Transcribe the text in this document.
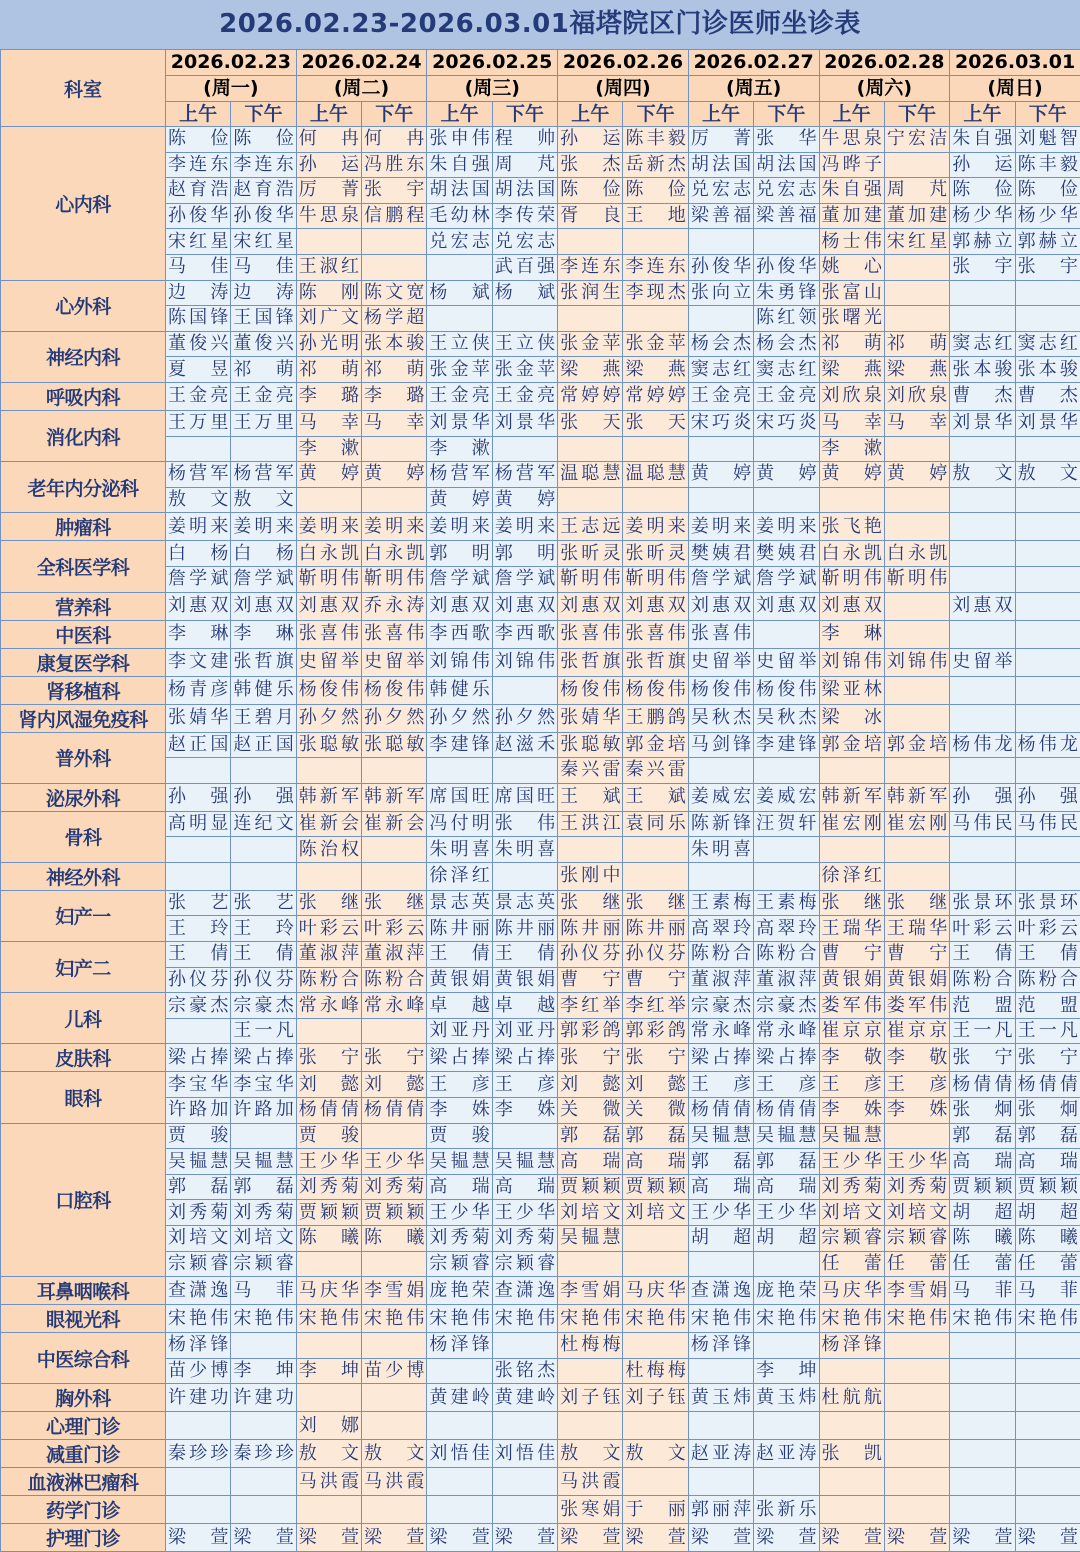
2026.02.23-2026.03.01福塔院区门诊医师坐诊表
科室	2026.02.23		2026.02.24		2026.02.25		2026.02.26		2026.02.27		2026.02.28		2026.03.01	
	(周一)		(周二)		(周三)		(周四)		(周五)		(周六)		(周日)	
	上午	下午	上午	下午	上午	下午	上午	下午	上午	下午	上午	下午	上午	下午
心内科	陈俭	陈俭	何冉	何冉	张申伟	程帅	孙运	陈丰毅	厉菁	张华	牛思泉	宁宏洁	朱自强	刘魁智
	李连东	李连东	孙运	冯胜东	朱自强	周芃	张杰	岳新杰	胡法国	胡法国	冯晔子		孙运	陈丰毅
	赵育浩	赵育浩	厉菁	张宇	胡法国	胡法国	陈俭	陈俭	兑宏志	兑宏志	朱自强	周芃	陈俭	陈俭
	孙俊华	孙俊华	牛思泉	信鹏程	毛幼林	李传荣	胥良	王地	梁善福	梁善福	董加建	董加建	杨少华	杨少华
	宋红星	宋红星			兑宏志	兑宏志					杨士伟	宋红星	郭赫立	郭赫立
	马佳	马佳	王淑红			武百强	李连东	李连东	孙俊华	孙俊华	姚心		张宇	张宇
心外科	边涛	边涛	陈刚	陈文宽	杨斌	杨斌	张润生	李现杰	张向立	朱勇锋	张富山			
	陈国锋	王国锋	刘广文	杨学超						陈红领	张曙光			
神经内科	董俊兴	董俊兴	孙光明	张本骏	王立侠	王立侠	张金苹	张金苹	杨会杰	杨会杰	祁萌	祁萌	窦志红	窦志红
	夏昱	祁萌	祁萌	祁萌	张金苹	张金苹	梁燕	梁燕	窦志红	窦志红	梁燕	梁燕	张本骏	张本骏
呼吸内科	王金亮	王金亮	李璐	李璐	王金亮	王金亮	常婷婷	常婷婷	王金亮	王金亮	刘欣泉	刘欣泉	曹杰	曹杰
消化内科	王万里	王万里	马幸	马幸	刘景华	刘景华	张天	张天	宋巧炎	宋巧炎	马幸	马幸	刘景华	刘景华
			李漱		李漱						李漱			
老年内分泌科	杨营军	杨营军	黄婷	黄婷	杨营军	杨营军	温聪慧	温聪慧	黄婷	黄婷	黄婷	黄婷	敖文	敖文
	敖文	敖文			黄婷	黄婷								
肿瘤科	姜明来	姜明来	姜明来	姜明来	姜明来	姜明来	王志远	姜明来	姜明来	姜明来	张飞艳			
全科医学科	白杨	白杨	白永凯	白永凯	郭明	郭明	张昕灵	张昕灵	樊姨君	樊姨君	白永凯	白永凯		
	詹学斌	詹学斌	靳明伟	靳明伟	詹学斌	詹学斌	靳明伟	靳明伟	詹学斌	詹学斌	靳明伟	靳明伟		
营养科	刘惠双	刘惠双	刘惠双	乔永涛	刘惠双	刘惠双	刘惠双	刘惠双	刘惠双	刘惠双	刘惠双		刘惠双	
中医科	李琳	李琳	张喜伟	张喜伟	李西歌	李西歌	张喜伟	张喜伟	张喜伟		李琳			
康复医学科	李文建	张哲旗	史留举	史留举	刘锦伟	刘锦伟	张哲旗	张哲旗	史留举	史留举	刘锦伟	刘锦伟	史留举	
肾移植科	杨青彦	韩健乐	杨俊伟	杨俊伟	韩健乐		杨俊伟	杨俊伟	杨俊伟	杨俊伟	梁亚林			
肾内风湿免疫科	张婧华	王碧月	孙夕然	孙夕然	孙夕然	孙夕然	张婧华	王鹏鸽	吴秋杰	吴秋杰	梁冰			
普外科	赵正国	赵正国	张聪敏	张聪敏	李建锋	赵滋禾	张聪敏	郭金培	马剑锋	李建锋	郭金培	郭金培	杨伟龙	杨伟龙
							秦兴雷	秦兴雷						
泌尿外科	孙强	孙强	韩新军	韩新军	席国旺	席国旺	王斌	王斌	姜威宏	姜威宏	韩新军	韩新军	孙强	孙强
骨科	高明显	连纪文	崔新会	崔新会	冯付明	张伟	王洪江	袁同乐	陈新锋	汪贺轩	崔宏刚	崔宏刚	马伟民	马伟民
			陈治权		朱明喜	朱明喜			朱明喜					
神经外科					徐泽红		张刚中				徐泽红			
妇产一	张艺	张艺	张继	张继	景志英	景志英	张继	张继	王素梅	王素梅	张继	张继	张景环	张景环
	王玲	王玲	叶彩云	叶彩云	陈井丽	陈井丽	陈井丽	陈井丽	高翠玲	高翠玲	王瑞华	王瑞华	叶彩云	叶彩云
妇产二	王倩	王倩	董淑萍	董淑萍	王倩	王倩	孙仪芬	孙仪芬	陈粉合	陈粉合	曹宁	曹宁	王倩	王倩
	孙仪芬	孙仪芬	陈粉合	陈粉合	黄银娟	黄银娟	曹宁	曹宁	董淑萍	董淑萍	黄银娟	黄银娟	陈粉合	陈粉合
儿科	宗豪杰	宗豪杰	常永峰	常永峰	卓越	卓越	李红举	李红举	宗豪杰	宗豪杰	娄军伟	娄军伟	范盟	范盟
		王一凡			刘亚丹	刘亚丹	郭彩鸽	郭彩鸽	常永峰	常永峰	崔京京	崔京京	王一凡	王一凡
皮肤科	梁占捧	梁占捧	张宁	张宁	梁占捧	梁占捧	张宁	张宁	梁占捧	梁占捧	李敬	李敬	张宁	张宁
眼科	李宝华	李宝华	刘懿	刘懿	王彦	王彦	刘懿	刘懿	王彦	王彦	王彦	王彦	杨倩倩	杨倩倩
	许路加	许路加	杨倩倩	杨倩倩	李姝	李姝	关微	关微	杨倩倩	杨倩倩	李姝	李姝	张炯	张炯
口腔科	贾骏		贾骏		贾骏		郭磊	郭磊	吴韫慧	吴韫慧	吴韫慧		郭磊	郭磊
	吴韫慧	吴韫慧	王少华	王少华	吴韫慧	吴韫慧	高瑞	高瑞	郭磊	郭磊	王少华	王少华	高瑞	高瑞
	郭磊	郭磊	刘秀菊	刘秀菊	高瑞	高瑞	贾颖颖	贾颖颖	高瑞	高瑞	刘秀菊	刘秀菊	贾颖颖	贾颖颖
	刘秀菊	刘秀菊	贾颖颖	贾颖颖	王少华	王少华	刘培文	刘培文	王少华	王少华	刘培文	刘培文	胡超	胡超
	刘培文	刘培文	陈曦	陈曦	刘秀菊	刘秀菊	吴韫慧		胡超	胡超	宗颖睿	宗颖睿	陈曦	陈曦
	宗颖睿	宗颖睿			宗颖睿	宗颖睿					任蕾	任蕾	任蕾	任蕾
耳鼻咽喉科	查潇逸	马菲	马庆华	李雪娟	庞艳荣	查潇逸	李雪娟	马庆华	查潇逸	庞艳荣	马庆华	李雪娟	马菲	马菲
眼视光科	宋艳伟	宋艳伟	宋艳伟	宋艳伟	宋艳伟	宋艳伟	宋艳伟	宋艳伟	宋艳伟	宋艳伟	宋艳伟	宋艳伟	宋艳伟	宋艳伟
中医综合科	杨泽锋				杨泽锋		杜梅梅		杨泽锋		杨泽锋			
	苗少博	李坤	李坤	苗少博		张铭杰		杜梅梅		李坤				
胸外科	许建功	许建功			黄建岭	黄建岭	刘子钰	刘子钰	黄玉炜	黄玉炜	杜航航			
心理门诊			刘娜											
减重门诊	秦珍珍	秦珍珍	敖文	敖文	刘悟佳	刘悟佳	敖文	敖文	赵亚涛	赵亚涛	张凯			
血液淋巴瘤科			马洪霞	马洪霞			马洪霞							
药学门诊							张寒娟	于丽	郭丽萍	张新乐				
护理门诊	梁萱	梁萱	梁萱	梁萱	梁萱	梁萱	梁萱	梁萱	梁萱	梁萱	梁萱	梁萱	梁萱	梁萱
